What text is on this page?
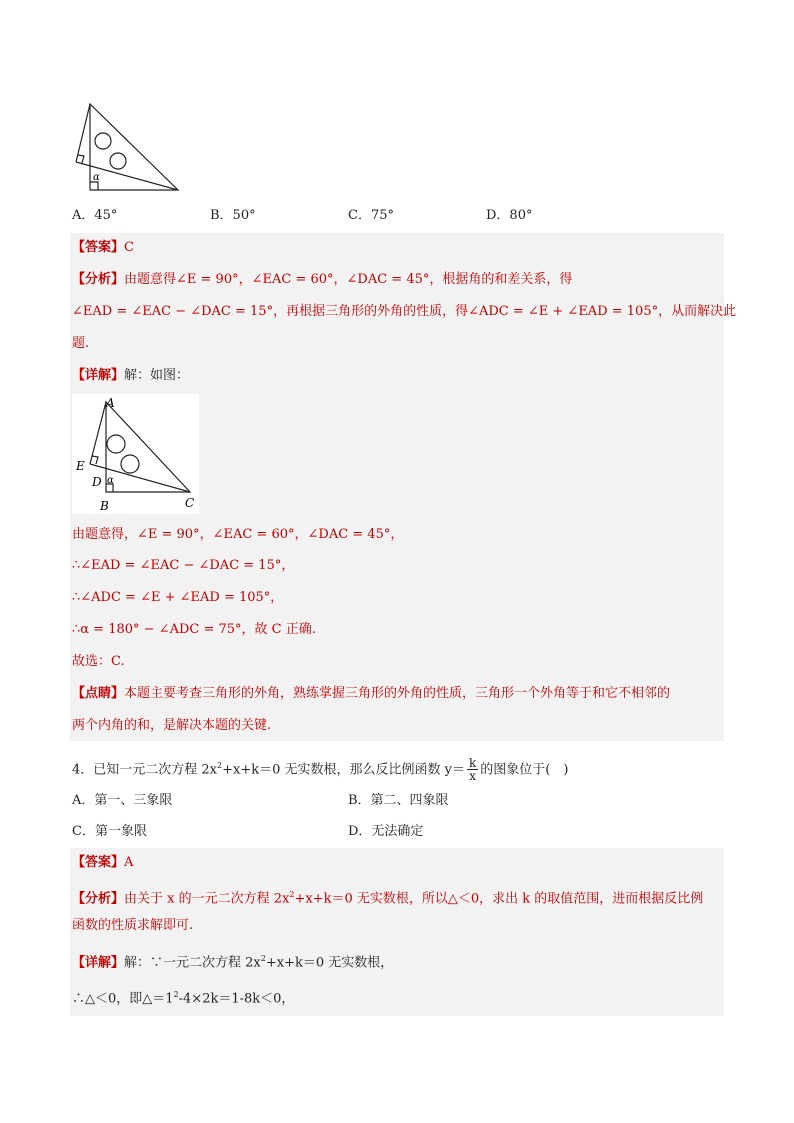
α
A．45°	B．50°	C．75°	D．80°
【答案】C
【分析】由题意得∠E = 90°，∠EAC = 60°，∠DAC = 45°，根据角的和差关系，得
∠EAD = ∠EAC − ∠DAC = 15°，再根据三角形的外角的性质，得∠ADC = ∠E + ∠EAD = 105°，从而解决此
题.
【详解】解：如图：
A
E
D
B	C
α
由题意得，∠E = 90°，∠EAC = 60°，∠DAC = 45°，
∴∠EAD = ∠EAC − ∠DAC = 15°，
∴∠ADC = ∠E + ∠EAD = 105°，
∴α = 180° − ∠ADC = 75°，故 C 正确.
故选：C.
【点睛】本题主要考查三角形的外角，熟练掌握三角形的外角的性质，三角形一个外角等于和它不相邻的
两个内角的和，是解决本题的关键.
4．已知一元二次方程 $2x^2+x+k=0$ 无实数根，那么反比例函数 $y= \frac{k}{x}$ 的图象位于(　)
A．第一、三象限	B．第二、四象限
C．第一象限	D．无法确定
【答案】A
【分析】由关于 x 的一元二次方程 $2x^2+x+k=0$ 无实数根，所以△＜0，求出 k 的取值范围，进而根据反比例
函数的性质求解即可.
【详解】解：∵一元二次方程 $2x^2+x+k=0$ 无实数根，
∴△＜0，即$\triangle=1^2-4\times 2k=1-8k<0$，
